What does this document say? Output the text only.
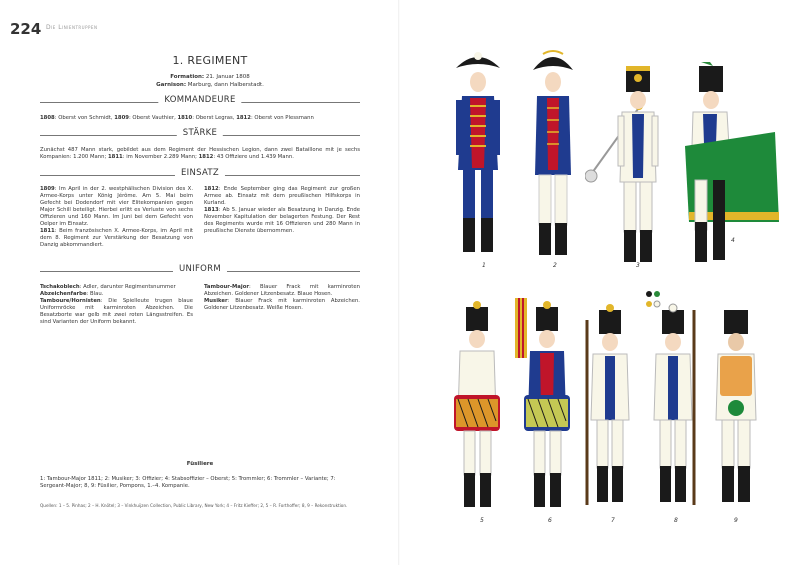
224 Die Linientruppen
1. REGIMENT
Formation: 21. Januar 1808
Garnison: Marburg, dann Halberstadt.
KOMMANDEURE
1808: Oberst von Schmidt, 1809: Oberst Vauthier, 1810: Oberst Legras, 1812: Oberst von Plessmann
STÄRKE
Zunächst 487 Mann stark, gebildet aus dem Regiment der Hessischen Legion, dann zwei Bataillone mit je sechs Kompanien: 1.200 Mann; 1811: im November 2.289 Mann; 1812: 43 Offiziere und 1.439 Mann.
EINSATZ
1809: Im April in der 2. westphälischen Division des X. Armee-Korps unter König Jérôme. Am 5. Mai beim Gefecht bei Dodendorf mit vier Elitekompanien gegen Major Schill beteiligt. Hierbei erlitt es Verluste von sechs Offizieren und 160 Mann. Im Juni bei dem Gefecht von Oelper im Einsatz.
1811: Beim französischen X. Armee-Korps, im April mit dem 8. Regiment zur Verstärkung der Besatzung von Danzig abkommandiert.
1812: Ende September ging das Regiment zur großen Armee ab. Einsatz mit dem preußischen Hilfskorps in Kurland.
1813: Ab 5. Januar wieder als Besatzung in Danzig. Ende November Kapitulation der belagerten Festung. Der Rest des Regiments wurde mit 16 Offizieren und 280 Mann in preußische Dienste übernommen.
UNIFORM
Tschakoblech: Adler, darunter Regimentsnummer
Abzeichenfarbe: Blau.
Tamboure/Hornisten: Die Spielleute trugen blaue Uniformröcke mit karminroten Abzeichen. Die Besatzborte war gelb mit zwei roten Längsstreifen. Es sind Varianten der Uniform bekannt.
Tambour-Major: Blauer Frack mit karminroten Abzeichen. Goldener Litzenbesatz. Blaue Hosen.
Musiker: Blauer Frack mit karminroten Abzeichen. Goldener Litzenbesatz. Weiße Hosen.
Füsiliere
1: Tambour-Major 1811; 2: Musiker; 3: Offizier; 4: Stabsoffizier – Oberst; 5: Trommler; 6: Trommler – Variante; 7: Sergeant-Major; 8, 9: Füsilier, Pompons, 1.–4. Kompanie.
Quellen: 1 – 5. Pinhas; 2 – H. Knötel; 3 – Vinkhuijzen Collection, Public Library, New York; 4 – Fritz Kieffer; 2, 5 – R. Forthoffer; 8, 9 – Rekonstruktion.
1	2	3
4
5	6	7	8	9
